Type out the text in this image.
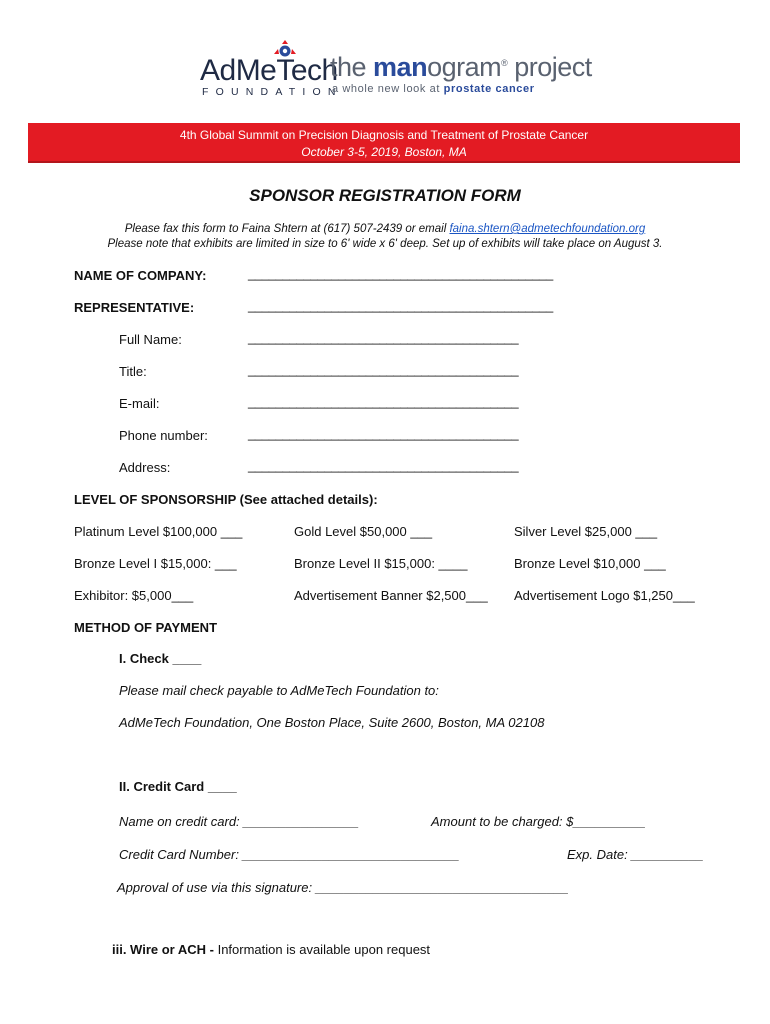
AdMeTech
FOUNDATION
the manogram® project
a whole new look at prostate cancer
4th Global Summit on Precision Diagnosis and Treatment of Prostate Cancer
October 3-5, 2019, Boston, MA
SPONSOR REGISTRATION FORM
Please fax this form to Faina Shtern at (617) 507-2439 or email faina.shtern@admetechfoundation.org
Please note that exhibits are limited in size to 6' wide x 6' deep. Set up of exhibits will take place on August 3.
NAME OF COMPANY:	____________________________________________
REPRESENTATIVE:	____________________________________________
Full Name:	_______________________________________
Title:	_______________________________________
E-mail:	_______________________________________
Phone number:	_______________________________________
Address:	_______________________________________
LEVEL OF SPONSORSHIP (See attached details):
Platinum Level $100,000 ___	Gold Level $50,000 ___	Silver Level $25,000 ___
Bronze Level I $15,000: ___	Bronze Level II $15,000: ____	Bronze Level $10,000 ___
Exhibitor: $5,000___	Advertisement Banner $2,500___ Advertisement Logo $1,250___
METHOD OF PAYMENT
I. Check ____
Please mail check payable to AdMeTech Foundation to:
AdMeTech Foundation, One Boston Place, Suite 2600, Boston, MA 02108
II. Credit Card ____
Name on credit card: ________________	Amount to be charged: $__________
Credit Card Number: ______________________________	Exp. Date: __________
Approval of use via this signature: ___________________________________
iii. Wire or ACH - Information is available upon request
